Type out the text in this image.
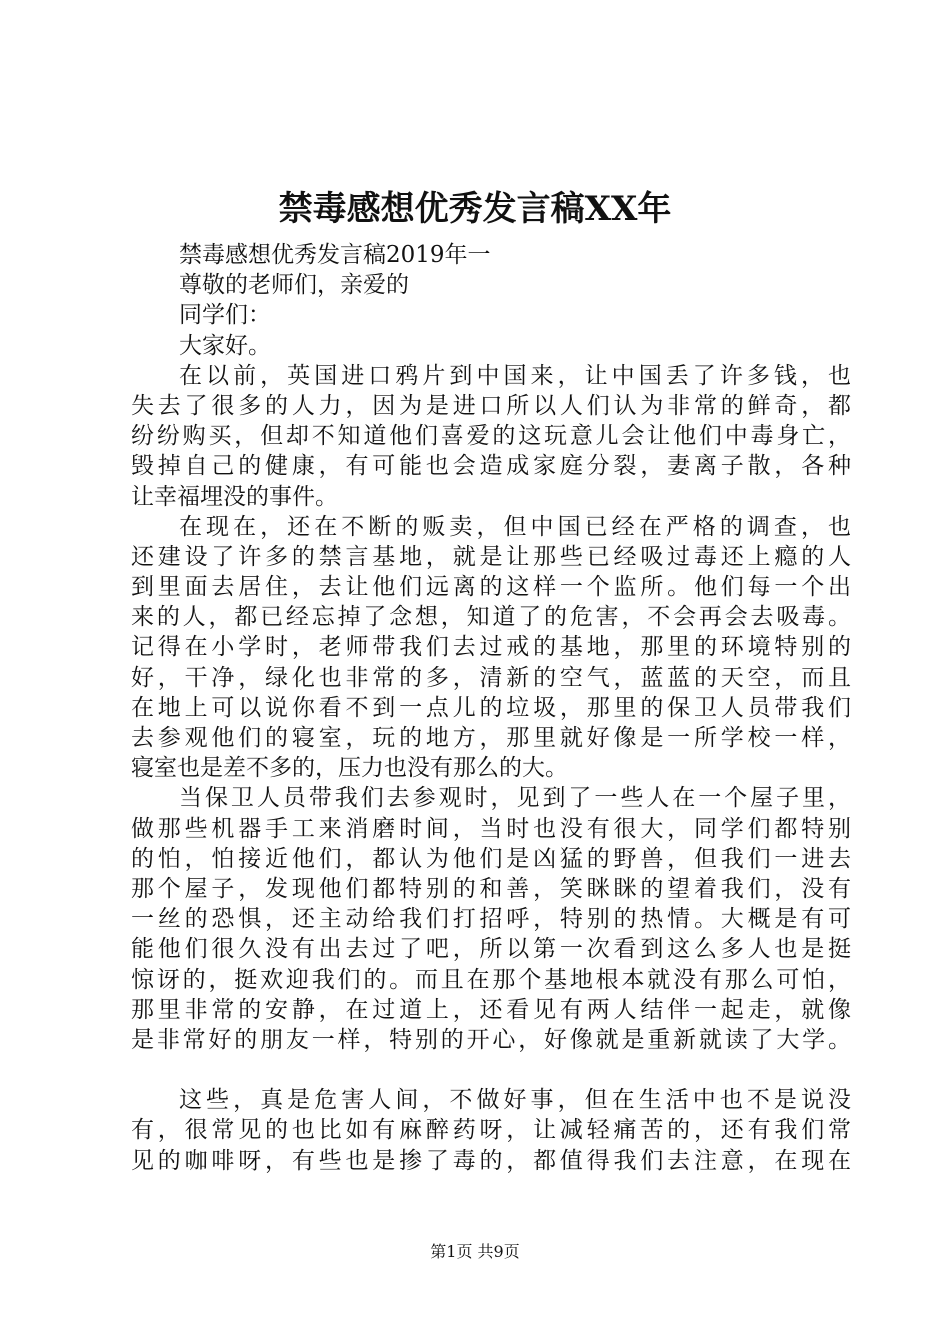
禁毒感想优秀发言稿XX年
禁毒感想优秀发言稿2019年一
尊敬的老师们，亲爱的
同学们：
大家好。
在以前，英国进口鸦片到中国来，让中国丢了许多钱，也
失去了很多的人力，因为是进口所以人们认为非常的鲜奇，都
纷纷购买，但却不知道他们喜爱的这玩意儿会让他们中毒身亡，
毁掉自己的健康，有可能也会造成家庭分裂，妻离子散，各种
让幸福埋没的事件。
在现在，还在不断的贩卖，但中国已经在严格的调查，也
还建设了许多的禁言基地，就是让那些已经吸过毒还上瘾的人
到里面去居住，去让他们远离的这样一个监所。他们每一个出
来的人，都已经忘掉了念想，知道了的危害，不会再会去吸毒。
记得在小学时，老师带我们去过戒的基地，那里的环境特别的
好，干净，绿化也非常的多，清新的空气，蓝蓝的天空，而且
在地上可以说你看不到一点儿的垃圾，那里的保卫人员带我们
去参观他们的寝室，玩的地方，那里就好像是一所学校一样，
寝室也是差不多的，压力也没有那么的大。
当保卫人员带我们去参观时，见到了一些人在一个屋子里，
做那些机器手工来消磨时间，当时也没有很大，同学们都特别
的怕，怕接近他们，都认为他们是凶猛的野兽，但我们一进去
那个屋子，发现他们都特别的和善，笑眯眯的望着我们，没有
一丝的恐惧，还主动给我们打招呼，特别的热情。大概是有可
能他们很久没有出去过了吧，所以第一次看到这么多人也是挺
惊讶的，挺欢迎我们的。而且在那个基地根本就没有那么可怕，
那里非常的安静，在过道上，还看见有两人结伴一起走，就像
是非常好的朋友一样，特别的开心，好像就是重新就读了大学。
这些，真是危害人间，不做好事，但在生活中也不是说没
有，很常见的也比如有麻醉药呀，让减轻痛苦的，还有我们常
见的咖啡呀，有些也是掺了毒的，都值得我们去注意，在现在
第1页 共9页
